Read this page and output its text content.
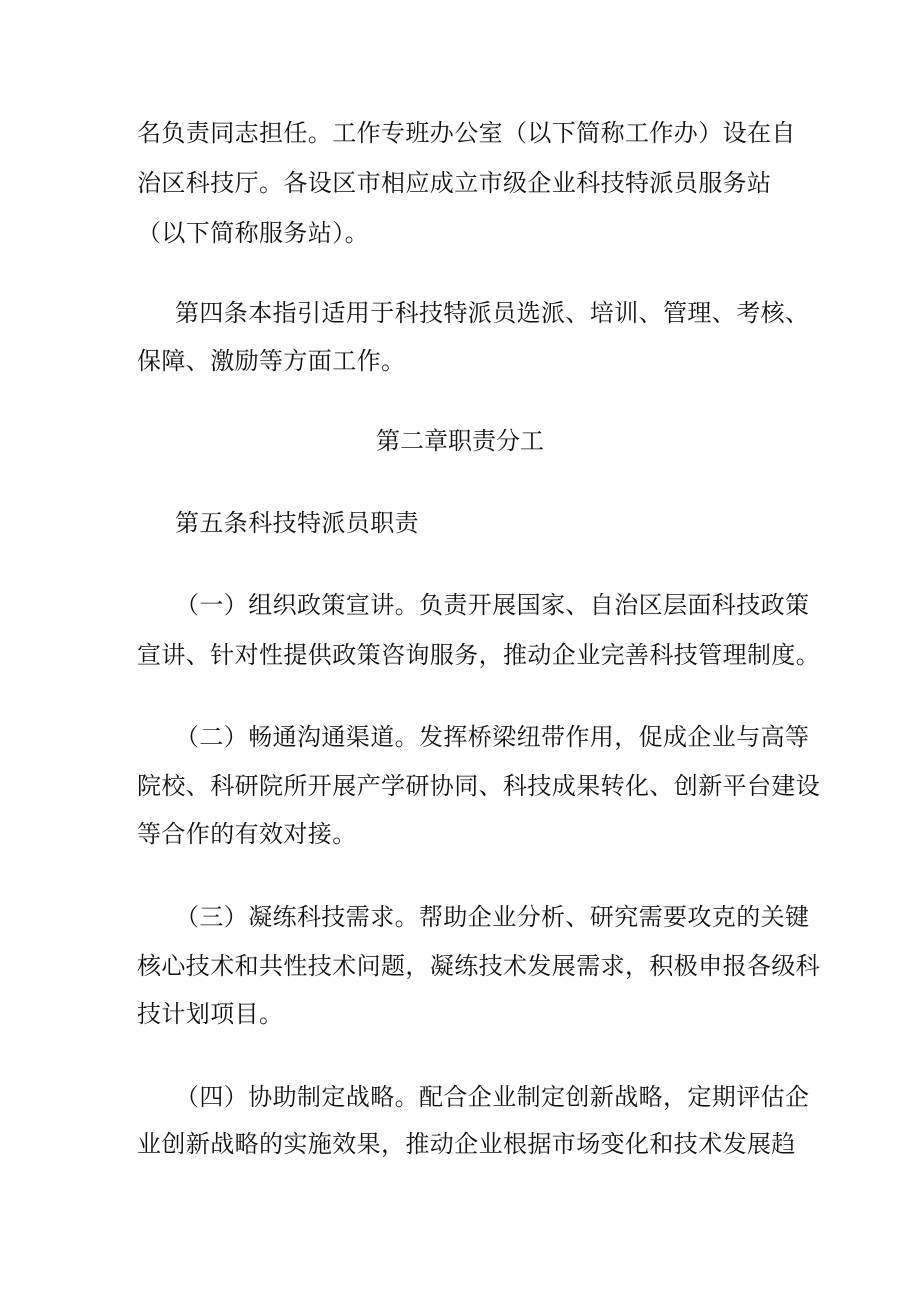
名负责同志担任。工作专班办公室（以下简称工作办）设在自
治区科技厅。各设区市相应成立市级企业科技特派员服务站
（以下简称服务站）。
第四条本指引适用于科技特派员选派、培训、管理、考核、
保障、激励等方面工作。
第二章职责分工
第五条科技特派员职责
（一）组织政策宣讲。负责开展国家、自治区层面科技政策
宣讲、针对性提供政策咨询服务，推动企业完善科技管理制度。
（二）畅通沟通渠道。发挥桥梁纽带作用，促成企业与高等
院校、科研院所开展产学研协同、科技成果转化、创新平台建设
等合作的有效对接。
（三）凝练科技需求。帮助企业分析、研究需要攻克的关键
核心技术和共性技术问题，凝练技术发展需求，积极申报各级科
技计划项目。
（四）协助制定战略。配合企业制定创新战略，定期评估企
业创新战略的实施效果，推动企业根据市场变化和技术发展趋
